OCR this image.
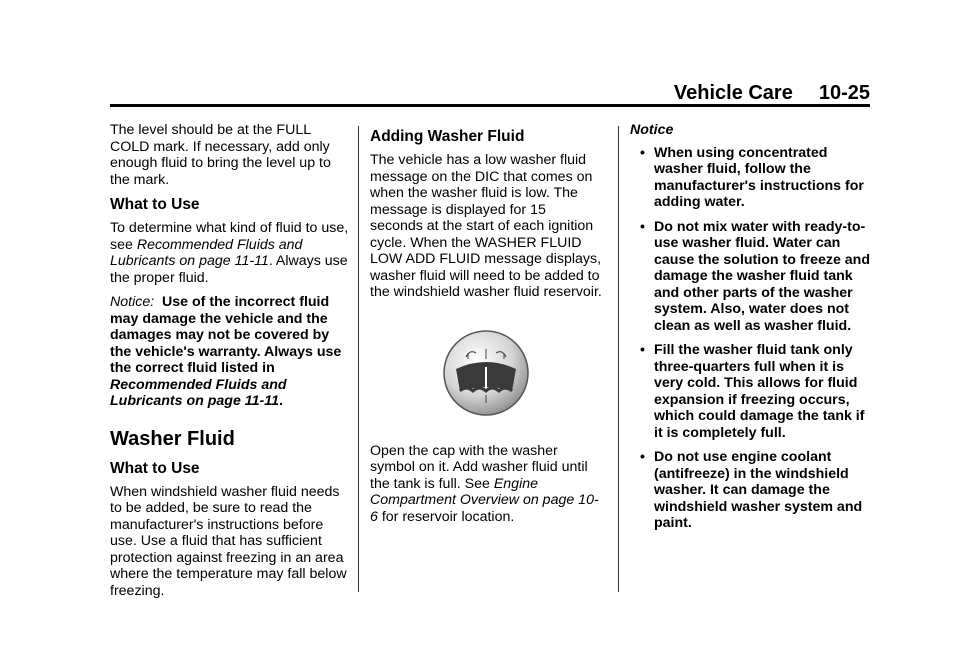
Vehicle Care 10-25

The level should be at the FULL COLD mark. If necessary, add only enough fluid to bring the level up to the mark.

What to Use

To determine what kind of fluid to use, see Recommended Fluids and Lubricants on page 11-11. Always use the proper fluid.

Notice: Use of the incorrect fluid may damage the vehicle and the damages may not be covered by the vehicle's warranty. Always use the correct fluid listed in Recommended Fluids and Lubricants on page 11-11.

Washer Fluid
What to Use

When windshield washer fluid needs to be added, be sure to read the manufacturer's instructions before use. Use a fluid that has sufficient protection against freezing in an area where the temperature may fall below freezing.

Adding Washer Fluid

The vehicle has a low washer fluid message on the DIC that comes on when the washer fluid is low. The message is displayed for 15 seconds at the start of each ignition cycle. When the WASHER FLUID LOW ADD FLUID message displays, washer fluid will need to be added to the windshield washer fluid reservoir.

Open the cap with the washer symbol on it. Add washer fluid until the tank is full. See Engine Compartment Overview on page 10-6 for reservoir location.

Notice
• When using concentrated washer fluid, follow the manufacturer's instructions for adding water.
• Do not mix water with ready-to-use washer fluid. Water can cause the solution to freeze and damage the washer fluid tank and other parts of the washer system. Also, water does not clean as well as washer fluid.
• Fill the washer fluid tank only three-quarters full when it is very cold. This allows for fluid expansion if freezing occurs, which could damage the tank if it is completely full.
• Do not use engine coolant (antifreeze) in the windshield washer. It can damage the windshield washer system and paint.
